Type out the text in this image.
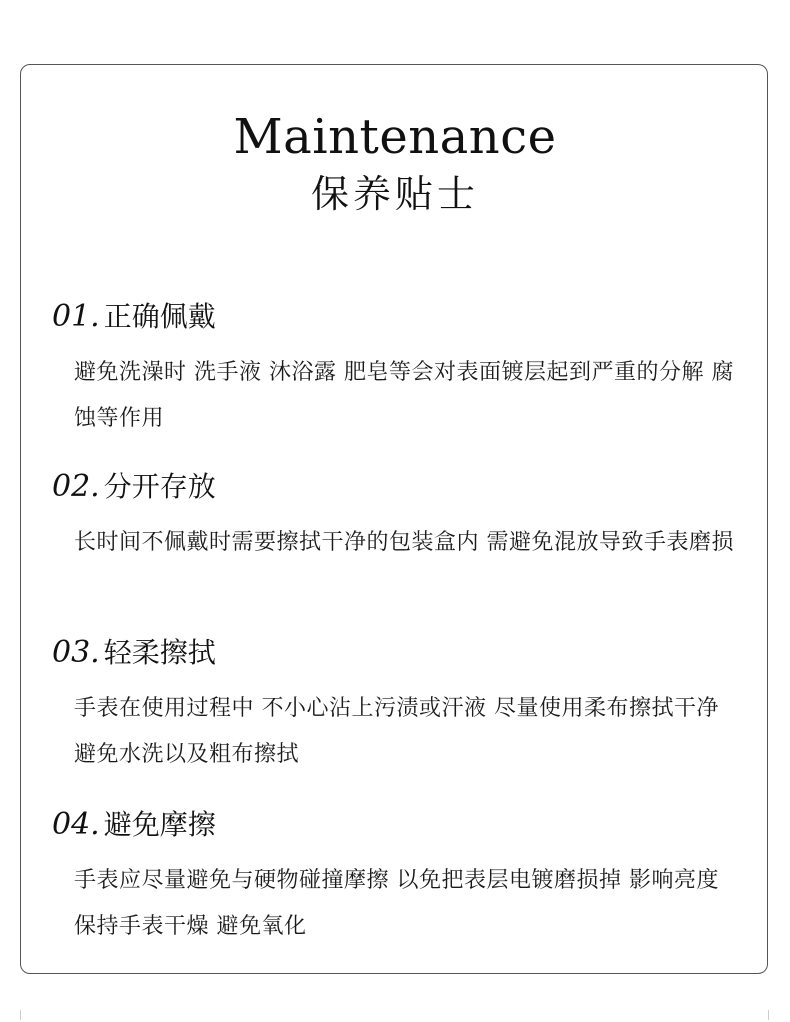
Maintenance
保养贴士
01. 正确佩戴
避免洗澡时 洗手液 沐浴露 肥皂等会对表面镀层起到严重的分解 腐蚀等作用
02. 分开存放
长时间不佩戴时需要擦拭干净的包装盒内 需避免混放导致手表磨损
03. 轻柔擦拭
手表在使用过程中 不小心沾上污渍或汗液 尽量使用柔布擦拭干净 避免水洗以及粗布擦拭
04. 避免摩擦
手表应尽量避免与硬物碰撞摩擦 以免把表层电镀磨损掉 影响亮度 保持手表干燥 避免氧化
